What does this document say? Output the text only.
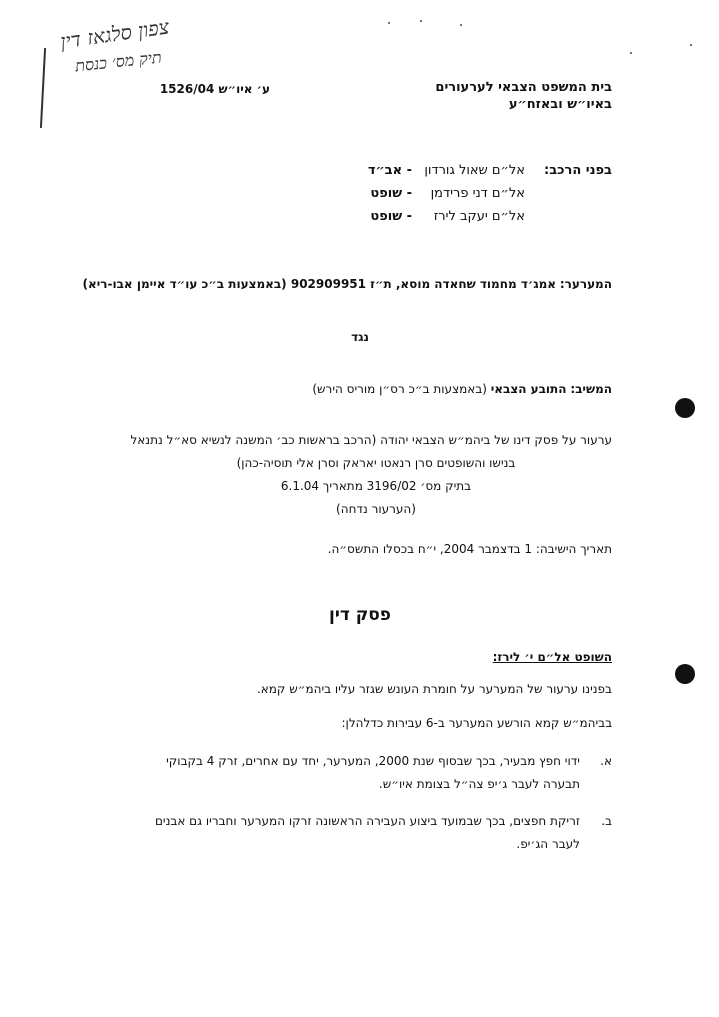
צפון סלגאז דין
תיק מס׳ כנסת
ע׳ איו״ש 1526/04	בית המשפט הצבאי לערעורים
באיו״ש ובאזח״ע
בפני הרכב:
אל״ם שאול גורדון
- אב״ד
אל״ם דני פרידמן
- שופט
אל״ם יעקב לירז
- שופט
המערער: אמג׳ד מחמוד שחאדה מוסא, ת״ז 902909951 (באמצעות ב״כ עו״ד איימן אבו-ריא)
נגד
המשיב: התובע הצבאי (באמצעות ב״כ רס״ן מוריס הירש)
ערעור על פסק דינו של ביהמ״ש הצבאי יהודה (הרכב בראשות כב׳ המשנה לנשיא סא״ל נתנאל
בנישו והשופטים סרן רנאטו יאראק וסרן אלי תוסיה-כהן)
בתיק מס׳ 3196/02 מתאריך 6.1.04
(הערעור נדחה)
תאריך הישיבה: 1 בדצמבר 2004, י״ח בכסלו התשס״ה.
פסק דין
השופט אל״ם י׳ לירז:
בפנינו ערעור של המערער על חומרת העונש שגזר עליו ביהמ״ש קמא.
בביהמ״ש קמא הורשע המערער ב-6 עבירות כדלהלן:
א.
ידוי חפץ מבעיר, בכך שבסוף שנת 2000, המערער, יחד עם אחרים, זרק 4 בקבוקי
תבערה לעבר ג׳יפ צה״ל בצומת איו״ש.
ב.
זריקת חפצים, בכך שבמועד ביצוע העבירה הראשונה זרקו המערער וחבריו גם אבנים
לעבר הג׳יפ.
